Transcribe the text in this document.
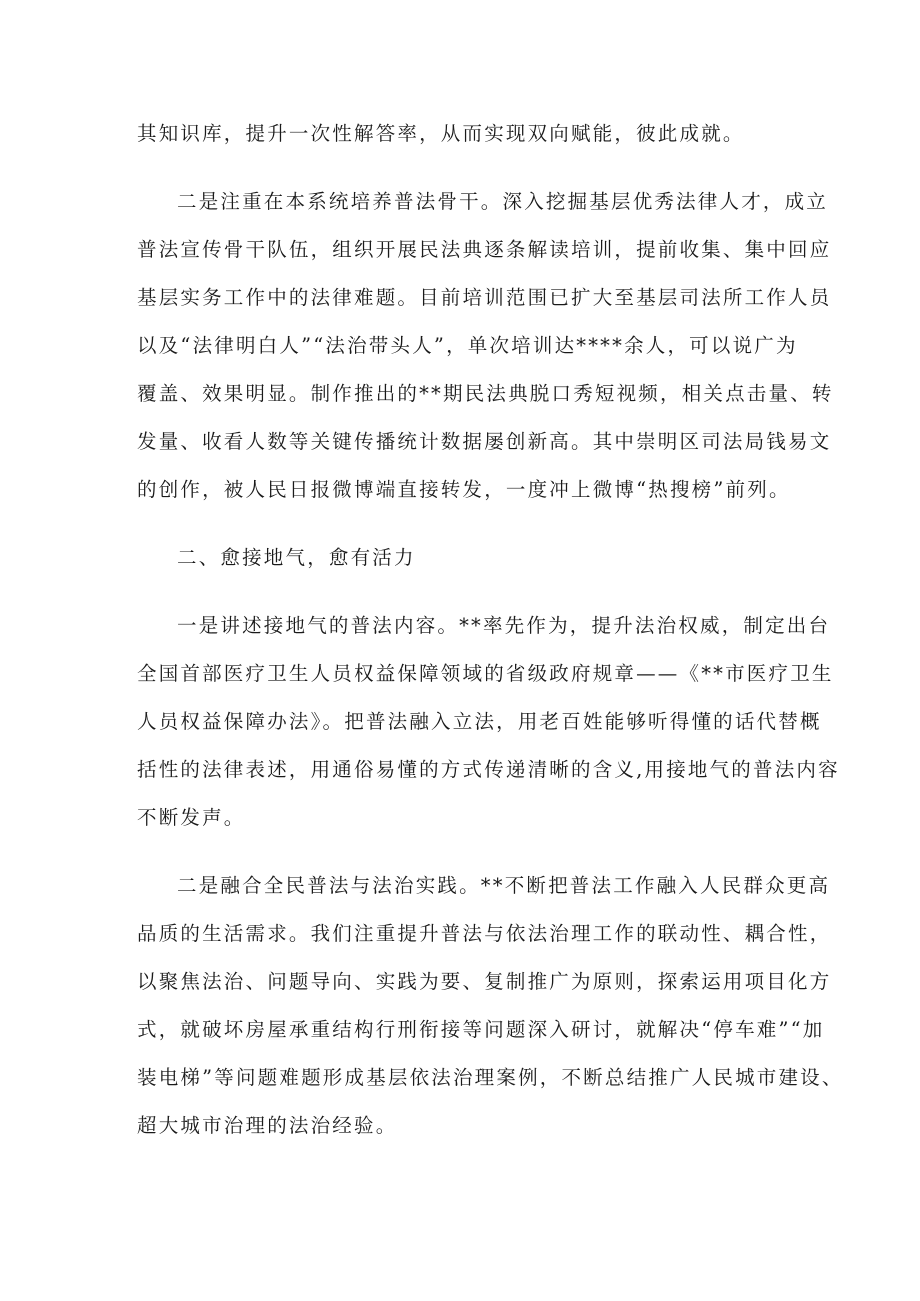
其知识库，提升一次性解答率，从而实现双向赋能，彼此成就。
二是注重在本系统培养普法骨干。深入挖掘基层优秀法律人才，成立
普法宣传骨干队伍，组织开展民法典逐条解读培训，提前收集、集中回应
基层实务工作中的法律难题。目前培训范围已扩大至基层司法所工作人员
以及“法律明白人”“法治带头人”，单次培训达****余人，可以说广为
覆盖、效果明显。制作推出的**期民法典脱口秀短视频，相关点击量、转
发量、收看人数等关键传播统计数据屡创新高。其中崇明区司法局钱易文
的创作，被人民日报微博端直接转发，一度冲上微博“热搜榜”前列。
二、愈接地气，愈有活力
一是讲述接地气的普法内容。**率先作为，提升法治权威，制定出台
全国首部医疗卫生人员权益保障领域的省级政府规章——《**市医疗卫生
人员权益保障办法》。把普法融入立法，用老百姓能够听得懂的话代替概
括性的法律表述，用通俗易懂的方式传递清晰的含义,用接地气的普法内容
不断发声。
二是融合全民普法与法治实践。**不断把普法工作融入人民群众更高
品质的生活需求。我们注重提升普法与依法治理工作的联动性、耦合性，
以聚焦法治、问题导向、实践为要、复制推广为原则，探索运用项目化方
式，就破坏房屋承重结构行刑衔接等问题深入研讨，就解决“停车难”“加
装电梯”等问题难题形成基层依法治理案例，不断总结推广人民城市建设、
超大城市治理的法治经验。
